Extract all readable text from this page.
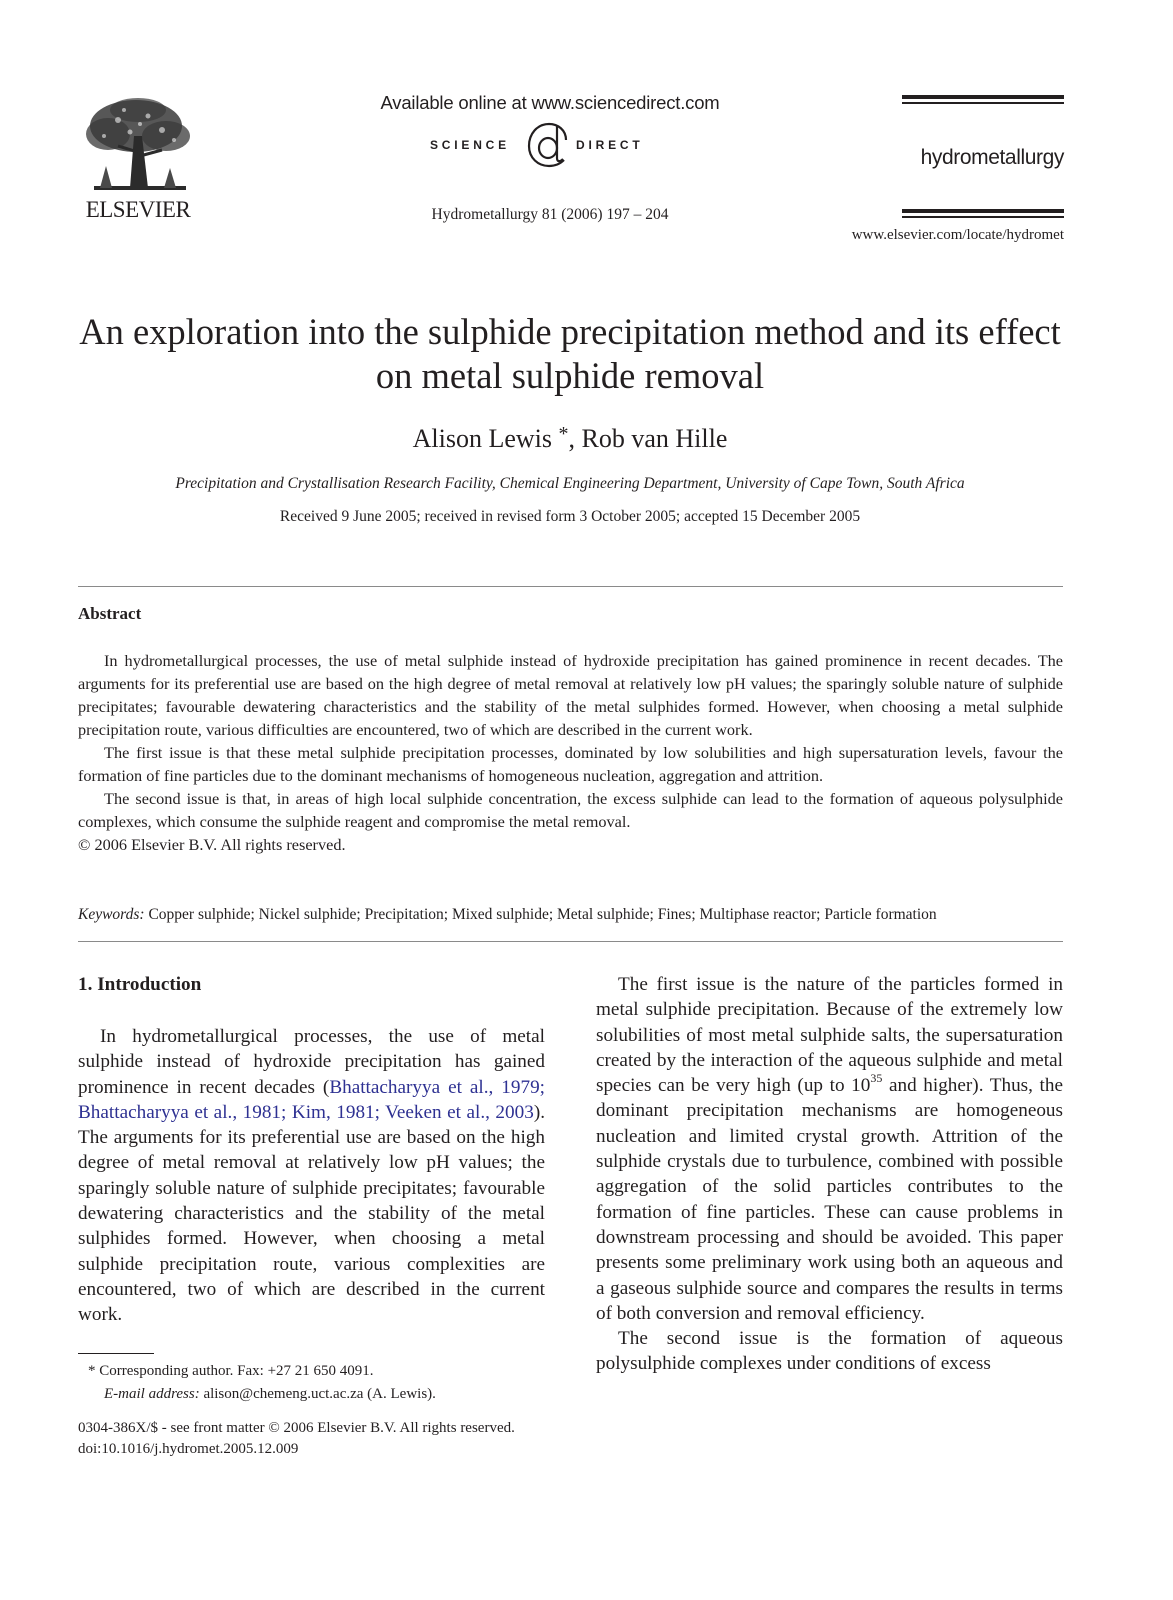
ELSEVIER
Available online at www.sciencedirect.com
SCIENCE	DIRECT
Hydrometallurgy 81 (2006) 197 – 204
hydrometallurgy
www.elsevier.com/locate/hydromet
An exploration into the sulphide precipitation method and its effect
on metal sulphide removal
Alison Lewis *, Rob van Hille
Precipitation and Crystallisation Research Facility, Chemical Engineering Department, University of Cape Town, South Africa
Received 9 June 2005; received in revised form 3 October 2005; accepted 15 December 2005
Abstract

In hydrometallurgical processes, the use of metal sulphide instead of hydroxide precipitation has gained prominence in recent decades. The arguments for its preferential use are based on the high degree of metal removal at relatively low pH values; the sparingly soluble nature of sulphide precipitates; favourable dewatering characteristics and the stability of the metal sulphides formed. However, when choosing a metal sulphide precipitation route, various difficulties are encountered, two of which are described in the current work.

The first issue is that these metal sulphide precipitation processes, dominated by low solubilities and high supersaturation levels, favour the formation of fine particles due to the dominant mechanisms of homogeneous nucleation, aggregation and attrition.

The second issue is that, in areas of high local sulphide concentration, the excess sulphide can lead to the formation of aqueous polysulphide complexes, which consume the sulphide reagent and compromise the metal removal.

© 2006 Elsevier B.V. All rights reserved.

Keywords: Copper sulphide; Nickel sulphide; Precipitation; Mixed sulphide; Metal sulphide; Fines; Multiphase reactor; Particle formation
1. Introduction

In hydrometallurgical processes, the use of metal sulphide instead of hydroxide precipitation has gained prominence in recent decades (Bhattacharyya et al., 1979; Bhattacharyya et al., 1981; Kim, 1981; Veeken et al., 2003). The arguments for its preferential use are based on the high degree of metal removal at relatively low pH values; the sparingly soluble nature of sulphide precipitates; favourable dewatering characteristics and the stability of the metal sulphides formed. However, when choosing a metal sulphide precipitation route, various complexities are encountered, two of which are described in the current work.

The first issue is the nature of the particles formed in metal sulphide precipitation. Because of the extremely low solubilities of most metal sulphide salts, the supersaturation created by the interaction of the aqueous sulphide and metal species can be very high (up to $10^{35}$ and higher). Thus, the dominant precipitation mechanisms are homogeneous nucleation and limited crystal growth. Attrition of the sulphide crystals due to turbulence, combined with possible aggregation of the solid particles contributes to the formation of fine particles. These can cause problems in downstream processing and should be avoided. This paper presents some preliminary work using both an aqueous and a gaseous sulphide source and compares the results in terms of both conversion and removal efficiency.

The second issue is the formation of aqueous polysulphide complexes under conditions of excess

* Corresponding author. Fax: +27 21 650 4091.
E-mail address: alison@chemeng.uct.ac.za (A. Lewis).
0304-386X/$ - see front matter © 2006 Elsevier B.V. All rights reserved.
doi:10.1016/j.hydromet.2005.12.009
